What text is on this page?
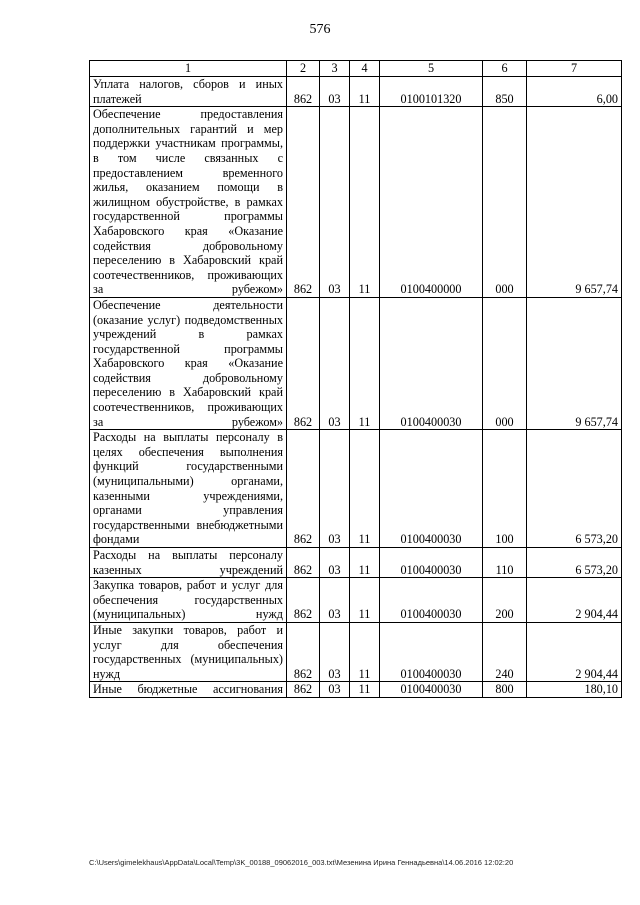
576
1	2	3	4	5	6	7
Уплата налогов, сборов и иных платежей	862	03	11	0100101320	850	6,00
Обеспечение предоставления дополнительных гарантий и мер поддержки участникам программы, в том числе связанных с предоставлением временного жилья, оказанием помощи в жилищном обустройстве, в рамках государственной программы Хабаровского края «Оказание содействия добровольному переселению в Хабаровский край соотечественников, проживающих за рубежом»	862	03	11	0100400000	000	9 657,74
Обеспечение деятельности (оказание услуг) подведомственных учреждений в рамках государственной программы Хабаровского края «Оказание содействия добровольному переселению в Хабаровский край соотечественников, проживающих за рубежом»	862	03	11	0100400030	000	9 657,74
Расходы на выплаты персоналу в целях обеспечения выполнения функций государственными (муниципальными) органами, казенными учреждениями, органами управления государственными внебюджетными фондами	862	03	11	0100400030	100	6 573,20
Расходы на выплаты персоналу казенных учреждений	862	03	11	0100400030	110	6 573,20
Закупка товаров, работ и услуг для обеспечения государственных (муниципальных) нужд	862	03	11	0100400030	200	2 904,44
Иные закупки товаров, работ и услуг для обеспечения государственных (муниципальных) нужд	862	03	11	0100400030	240	2 904,44
Иные бюджетные ассигнования	862	03	11	0100400030	800	180,10
C:\Users\gimelekhaus\AppData\Local\Temp\3K_00188_09062016_003.txt\Мезенина Ирина Геннадьевна\14.06.2016 12:02:20
